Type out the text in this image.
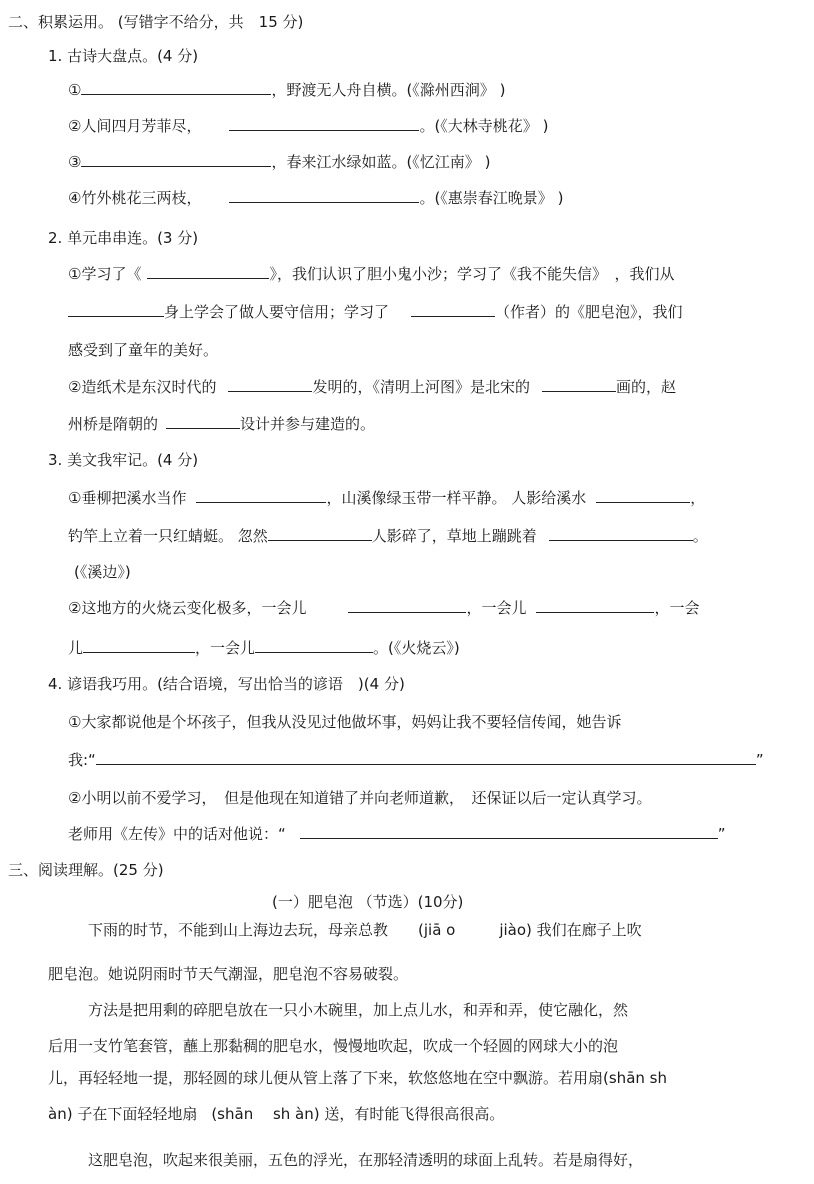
二、积累运用。 (写错字不给分，共　15 分)
1. 古诗大盘点。(4 分)
①	，野渡无人舟自横。(《滁州西涧》 )
②人间四月芳菲尽，	。(《大林寺桃花》 )
③	，春来江水绿如蓝。(《忆江南》 )
④竹外桃花三两枝，	。(《惠崇春江晚景》 )
2. 单元串串连。(3 分)
①学习了《	》，我们认识了胆小鬼小沙；学习了《我不能失信》　，我们从
身上学会了做人要守信用；学习了	（作者）的《肥皂泡》，我们
感受到了童年的美好。
②造纸术是东汉时代的	发明的，《清明上河图》是北宋的	画的，赵
州桥是隋朝的	设计并参与建造的。
3. 美文我牢记。(4 分)
①垂柳把溪水当作	，山溪像绿玉带一样平静。 人影给溪水	，
钓竿上立着一只红蜻蜓。 忽然	人影碎了，草地上蹦跳着	。
(《溪边》)
②这地方的火烧云变化极多，一会儿	，一会儿	，一会
儿	，一会儿	。(《火烧云》)
4. 谚语我巧用。(结合语境，写出恰当的谚语　)(4 分)
①大家都说他是个坏孩子，但我从没见过他做坏事，妈妈让我不要轻信传闻，她告诉
我:“	”
②小明以前不爱学习，　但是他现在知道错了并向老师道歉，　还保证以后一定认真学习。
老师用《左传》中的话对他说：“	”
三、阅读理解。(25 分)
(一）肥皂泡 （节选）(10分)
下雨的时节，不能到山上海边去玩，母亲总教 (jiā o	jiào) 我们在廊子上吹
肥皂泡。她说阴雨时节天气潮湿，肥皂泡不容易破裂。
方法是把用剩的碎肥皂放在一只小木碗里，加上点儿水，和弄和弄，使它融化，然
后用一支竹笔套管，蘸上那黏稠的肥皂水，慢慢地吹起，吹成一个轻圆的网球大小的泡
儿，再轻轻地一提，那轻圆的球儿便从管上落了下来，软悠悠地在空中飘游。若用扇(shān sh
àn) 子在下面轻轻地扇 (shān　 sh àn) 送，有时能飞得很高很高。
这肥皂泡，吹起来很美丽，五色的浮光，在那轻清透明的球面上乱转。若是扇得好，
